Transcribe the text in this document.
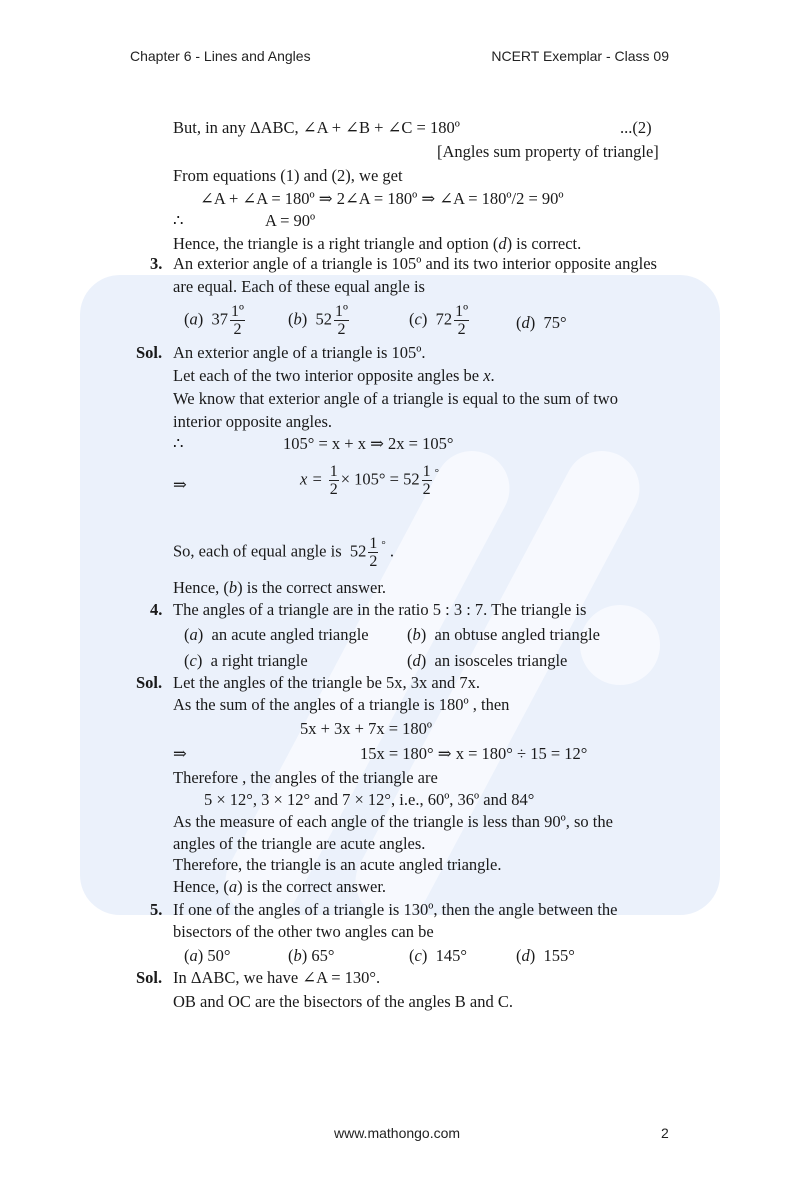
Chapter 6 - Lines and Angles	NCERT Exemplar - Class 09
But, in any ΔABC, ∠A + ∠B + ∠C = 180º	...(2)
[Angles sum property of triangle]
From equations (1) and (2), we get
∠A + ∠A = 180º ⇒ 2∠A = 180º ⇒ ∠A = 180º/2 = 90º
∴	A = 90º
Hence, the triangle is a right triangle and option (d) is correct.
3. An exterior angle of a triangle is 105º and its two interior opposite angles
are equal. Each of these equal angle is
(a)  $37 \frac{\text{1º}}{2}$	(b)  $52 \frac{\text{1º}}{2}$	(c)  $72 \frac{\text{1º}}{2}$	(d)  75°
Sol. An exterior angle of a triangle is 105º.
Let each of the two interior opposite angles be x.
We know that exterior angle of a triangle is equal to the sum of two
interior opposite angles.
∴	105° = x + x ⇒ 2x = 105°
⇒	$x = \frac{1}{2} \times 105^\circ = 52 \frac{1}{2} ^\circ$
So, each of equal angle is $52 \frac{1}{2} ^\circ$ .
Hence, (b) is the correct answer.
4. The angles of a triangle are in the ratio 5 : 3 : 7. The triangle is
(a)  an acute angled triangle (b)  an obtuse angled triangle
(c)  a right triangle	(d)  an isosceles triangle
Sol. Let the angles of the triangle be 5x, 3x and 7x.
As the sum of the angles of a triangle is 180º , then
5x + 3x + 7x = 180º
⇒	15x = 180° ⇒ x = 180° ÷ 15 = 12°
Therefore , the angles of the triangle are
5 × 12°, 3 × 12° and 7 × 12°, i.e., 60º, 36º and 84°
As the measure of each angle of the triangle is less than 90º, so the
angles of the triangle are acute angles.
Therefore, the triangle is an acute angled triangle.
Hence, (a) is the correct answer.
5. If one of the angles of a triangle is 130º, then the angle between the
bisectors of the other two angles can be
(a) 50°	(b) 65°	(c)  145°	(d)  155°
Sol. In ΔABC, we have ∠A = 130°.
OB and OC are the bisectors of the angles B and C.
www.mathongo.com	2
